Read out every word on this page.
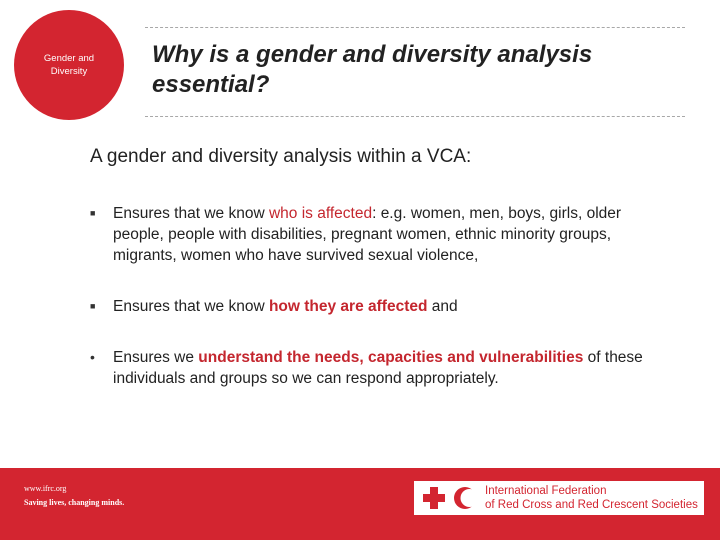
Gender and
Diversity
Why is a gender and diversity analysis
essential?
A gender and diversity analysis within a VCA:
■	Ensures that we know who is affected: e.g. women, men, boys, girls, older people, people with disabilities, pregnant women, ethnic minority groups, migrants, women who have survived sexual violence,
■	Ensures that we know how they are affected and
•	Ensures we understand the needs, capacities and vulnerabilities of these individuals and groups so we can respond appropriately.
www.ifrc.org
Saving lives, changing minds.
International Federation
of Red Cross and Red Crescent Societies
